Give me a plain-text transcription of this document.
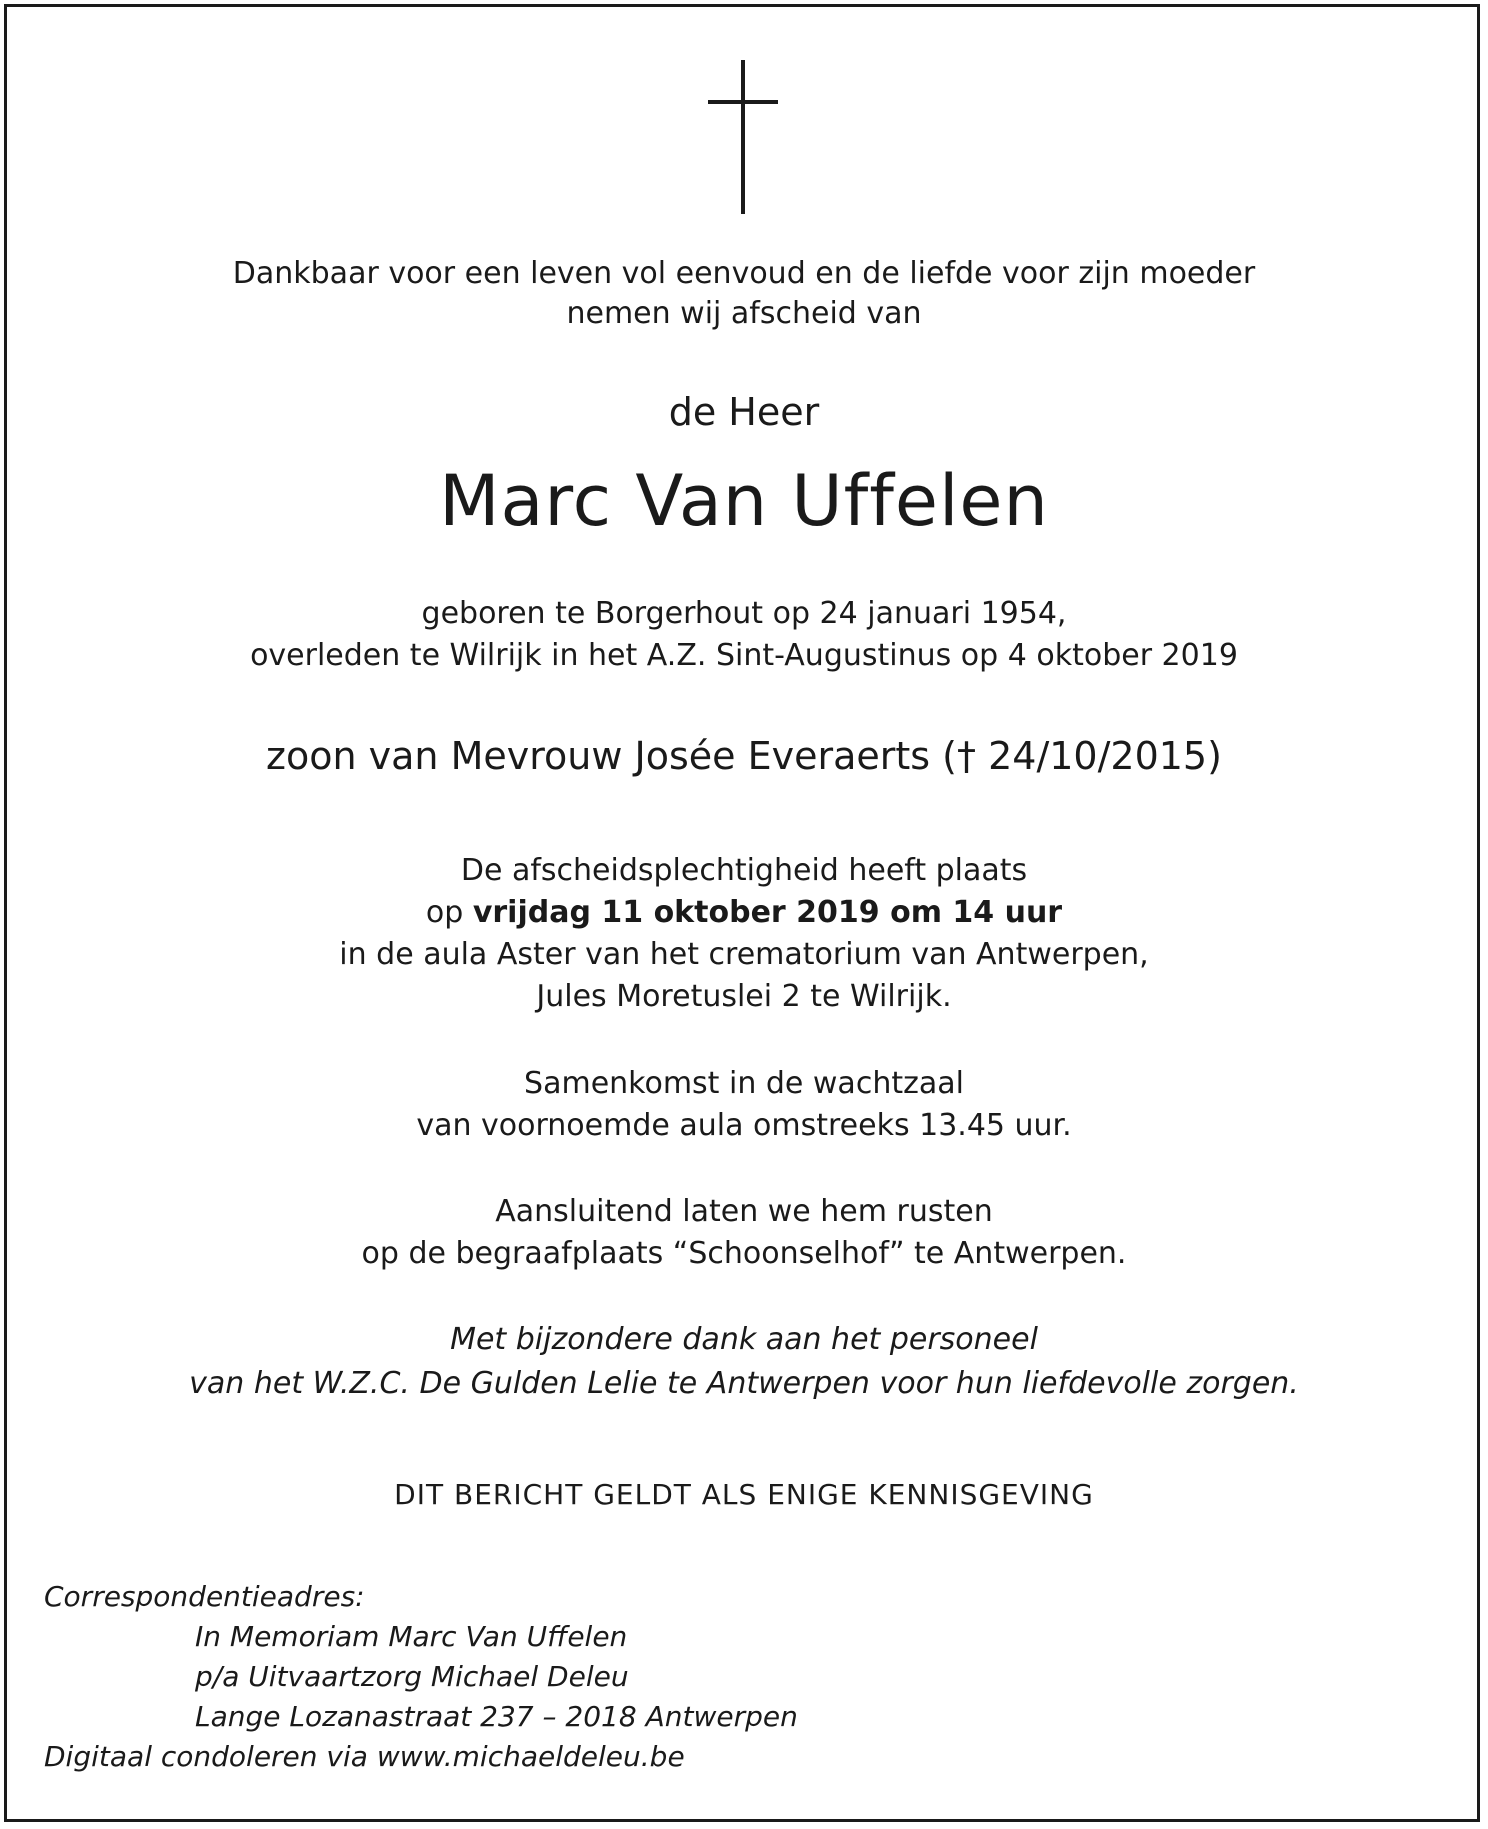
Dankbaar voor een leven vol eenvoud en de liefde voor zijn moeder

nemen wij afscheid van

de Heer

Marc Van Uffelen

geboren te Borgerhout op 24 januari 1954,

overleden te Wilrijk in het A.Z. Sint-Augustinus op 4 oktober 2019

zoon van Mevrouw Josée Everaerts († 24/10/2015)

De afscheidsplechtigheid heeft plaats

op vrijdag 11 oktober 2019 om 14 uur

in de aula Aster van het crematorium van Antwerpen,

Jules Moretuslei 2 te Wilrijk.

Samenkomst in de wachtzaal

van voornoemde aula omstreeks 13.45 uur.

Aansluitend laten we hem rusten

op de begraafplaats “Schoonselhof” te Antwerpen.

Met bijzondere dank aan het personeel

van het W.Z.C. De Gulden Lelie te Antwerpen voor hun liefdevolle zorgen.

DIT BERICHT GELDT ALS ENIGE KENNISGEVING

Correspondentieadres:

In Memoriam Marc Van Uffelen

p/a Uitvaartzorg Michael Deleu

Lange Lozanastraat 237 – 2018 Antwerpen

Digitaal condoleren via www.michaeldeleu.be
